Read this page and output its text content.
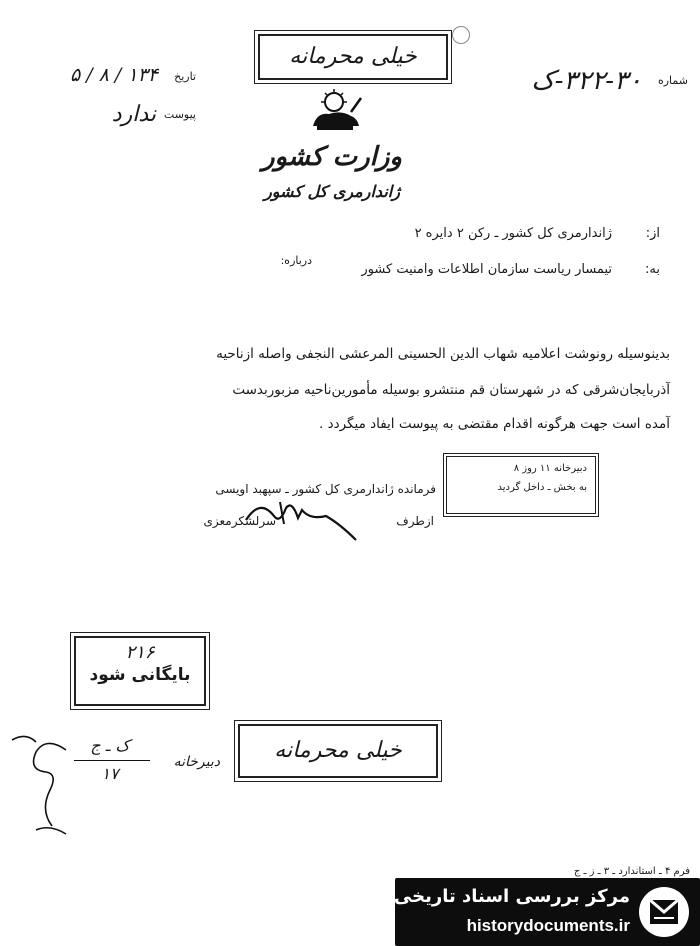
خیلی محرمانه
شماره
۳۲۲-۳۰-ک
تاریخ
۱۳۴ / ۸ / ۵
پیوست
ندارد
وزارت کشور
ژاندارمری کل کشور
از:
ژاندارمری کل کشور ـ رکن ۲ دایره ۲
درباره:
به:
تیمسار ریاست سازمان اطلاعات وامنیت کشور
بدینوسیله رونوشت اعلامیه شهاب الدین الحسینی المرعشی النجفی واصله ازناحیه
آذربایجان‌شرقی که در شهرستان قم منتشرو بوسیله مأمورین‌ناحیه مزبوربدست
آمده است جهت هرگونه اقدام مقتضی به پیوست ایفاد میگردد .
دبیرخانه ۱۱ روز ۸
به بخش ـ داخل گردید
فرمانده ژاندارمری کل کشور ـ سپهبد اویسی
ازطرف
سرلشکرمعزی
۲۱۶
بایگانی شود
خیلی محرمانه
دبیرخانه
ک ـ ج
۱۷
فرم ۴ ـ استاندارد ـ ۳ ـ ز ـ ج
مرکز بررسی اسناد تاریخی
historydocuments.ir
